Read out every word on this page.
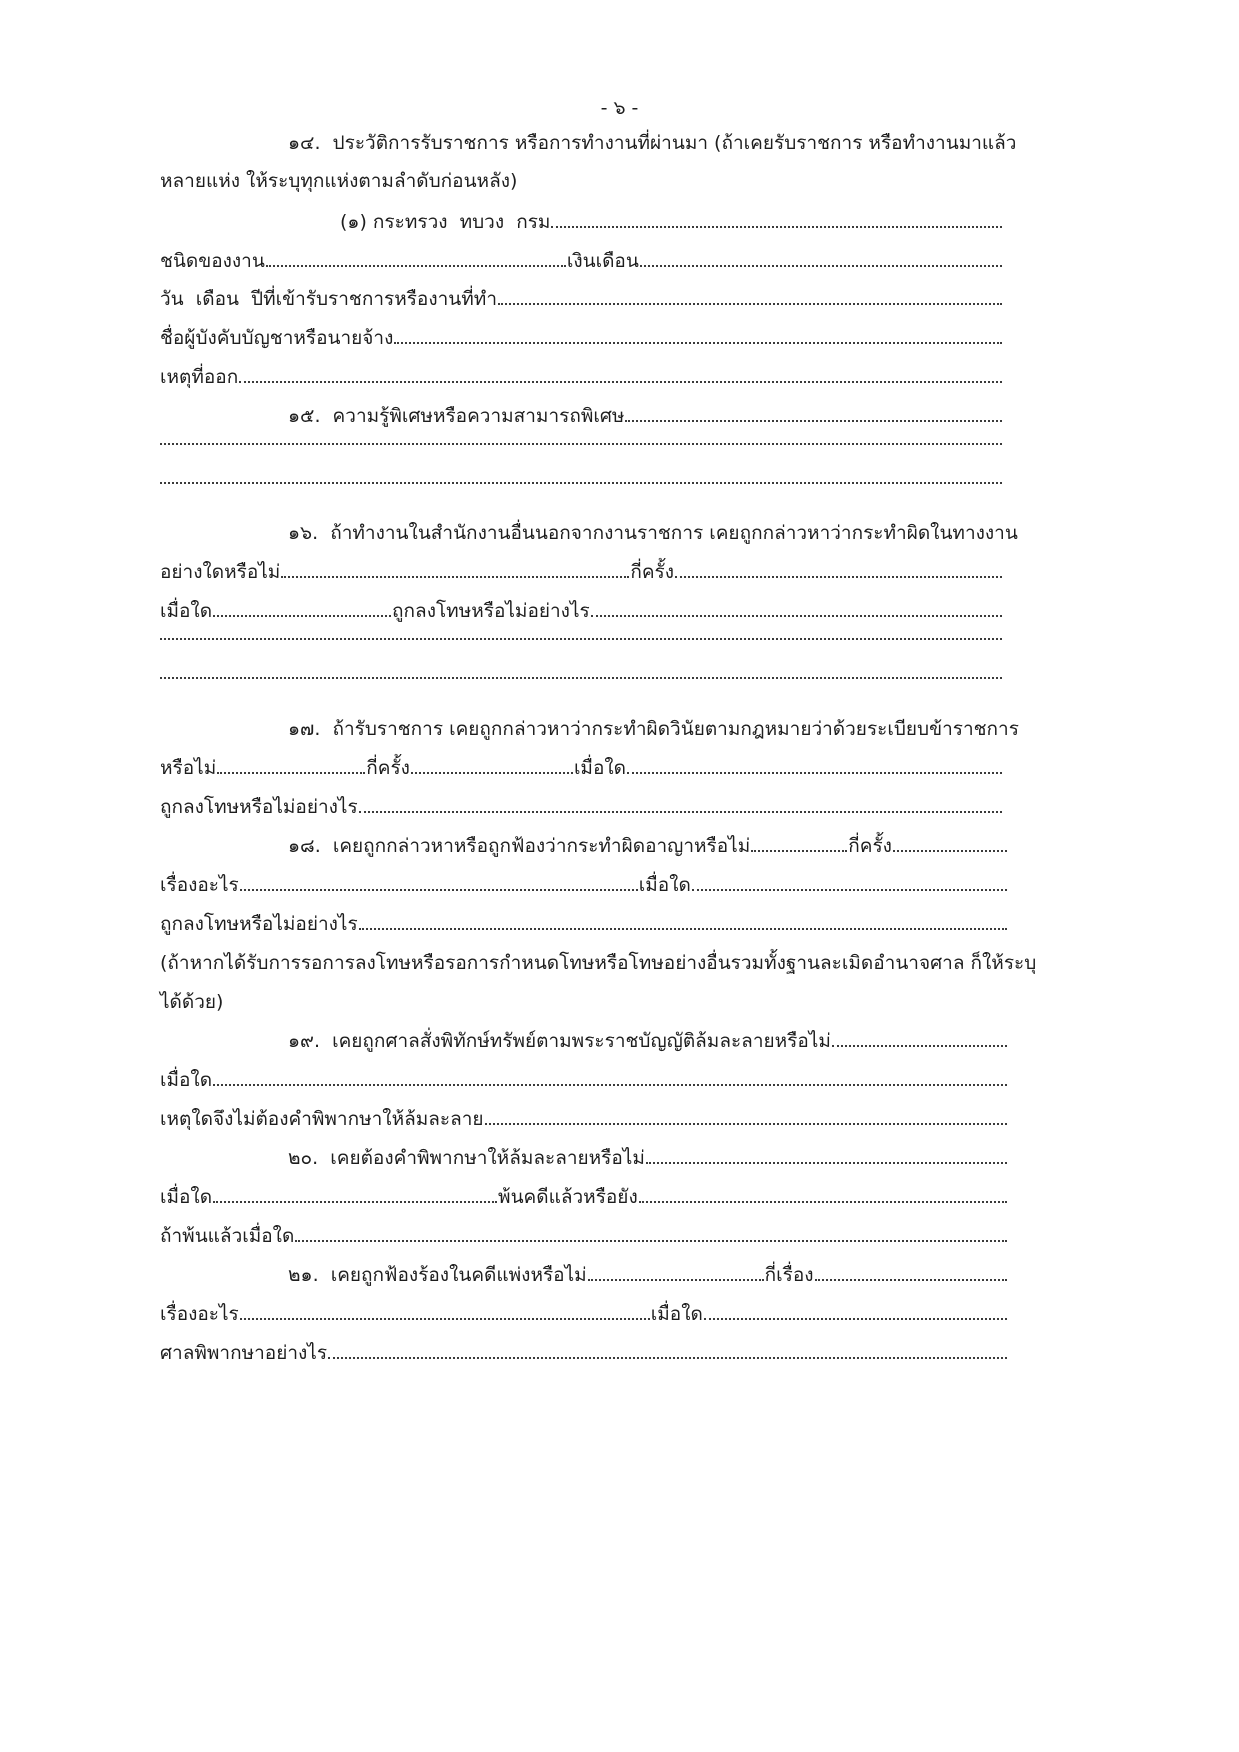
- ๖ -
๑๔.  ประวัติการรับราชการ หรือการทำงานที่ผ่านมา (ถ้าเคยรับราชการ หรือทำงานมาแล้ว
หลายแห่ง ให้ระบุทุกแห่งตามลำดับก่อนหลัง)
(๑) กระทรวง  ทบวง  กรม
ชนิดของงาน	เงินเดือน
วัน  เดือน  ปีที่เข้ารับราชการหรืองานที่ทำ
ชื่อผู้บังคับบัญชาหรือนายจ้าง
เหตุที่ออก
๑๕.  ความรู้พิเศษหรือความสามารถพิเศษ
๑๖.  ถ้าทำงานในสำนักงานอื่นนอกจากงานราชการ เคยถูกกล่าวหาว่ากระทำผิดในทางงาน
อย่างใดหรือไม่	กี่ครั้ง
เมื่อใด	ถูกลงโทษหรือไม่อย่างไร
๑๗.  ถ้ารับราชการ เคยถูกกล่าวหาว่ากระทำผิดวินัยตามกฎหมายว่าด้วยระเบียบข้าราชการ
หรือไม่	กี่ครั้ง	เมื่อใด
ถูกลงโทษหรือไม่อย่างไร
๑๘.  เคยถูกกล่าวหาหรือถูกฟ้องว่ากระทำผิดอาญาหรือไม่	กี่ครั้ง
เรื่องอะไร	เมื่อใด
ถูกลงโทษหรือไม่อย่างไร
(ถ้าหากได้รับการรอการลงโทษหรือรอการกำหนดโทษหรือโทษอย่างอื่นรวมทั้งฐานละเมิดอำนาจศาล ก็ให้ระบุ
ได้ด้วย)
๑๙.  เคยถูกศาลสั่งพิทักษ์ทรัพย์ตามพระราชบัญญัติล้มละลายหรือไม่
เมื่อใด
เหตุใดจึงไม่ต้องคำพิพากษาให้ล้มละลาย
๒๐.  เคยต้องคำพิพากษาให้ล้มละลายหรือไม่
เมื่อใด	พ้นคดีแล้วหรือยัง
ถ้าพ้นแล้วเมื่อใด
๒๑.  เคยถูกฟ้องร้องในคดีแพ่งหรือไม่	กี่เรื่อง
เรื่องอะไร	เมื่อใด
ศาลพิพากษาอย่างไร
